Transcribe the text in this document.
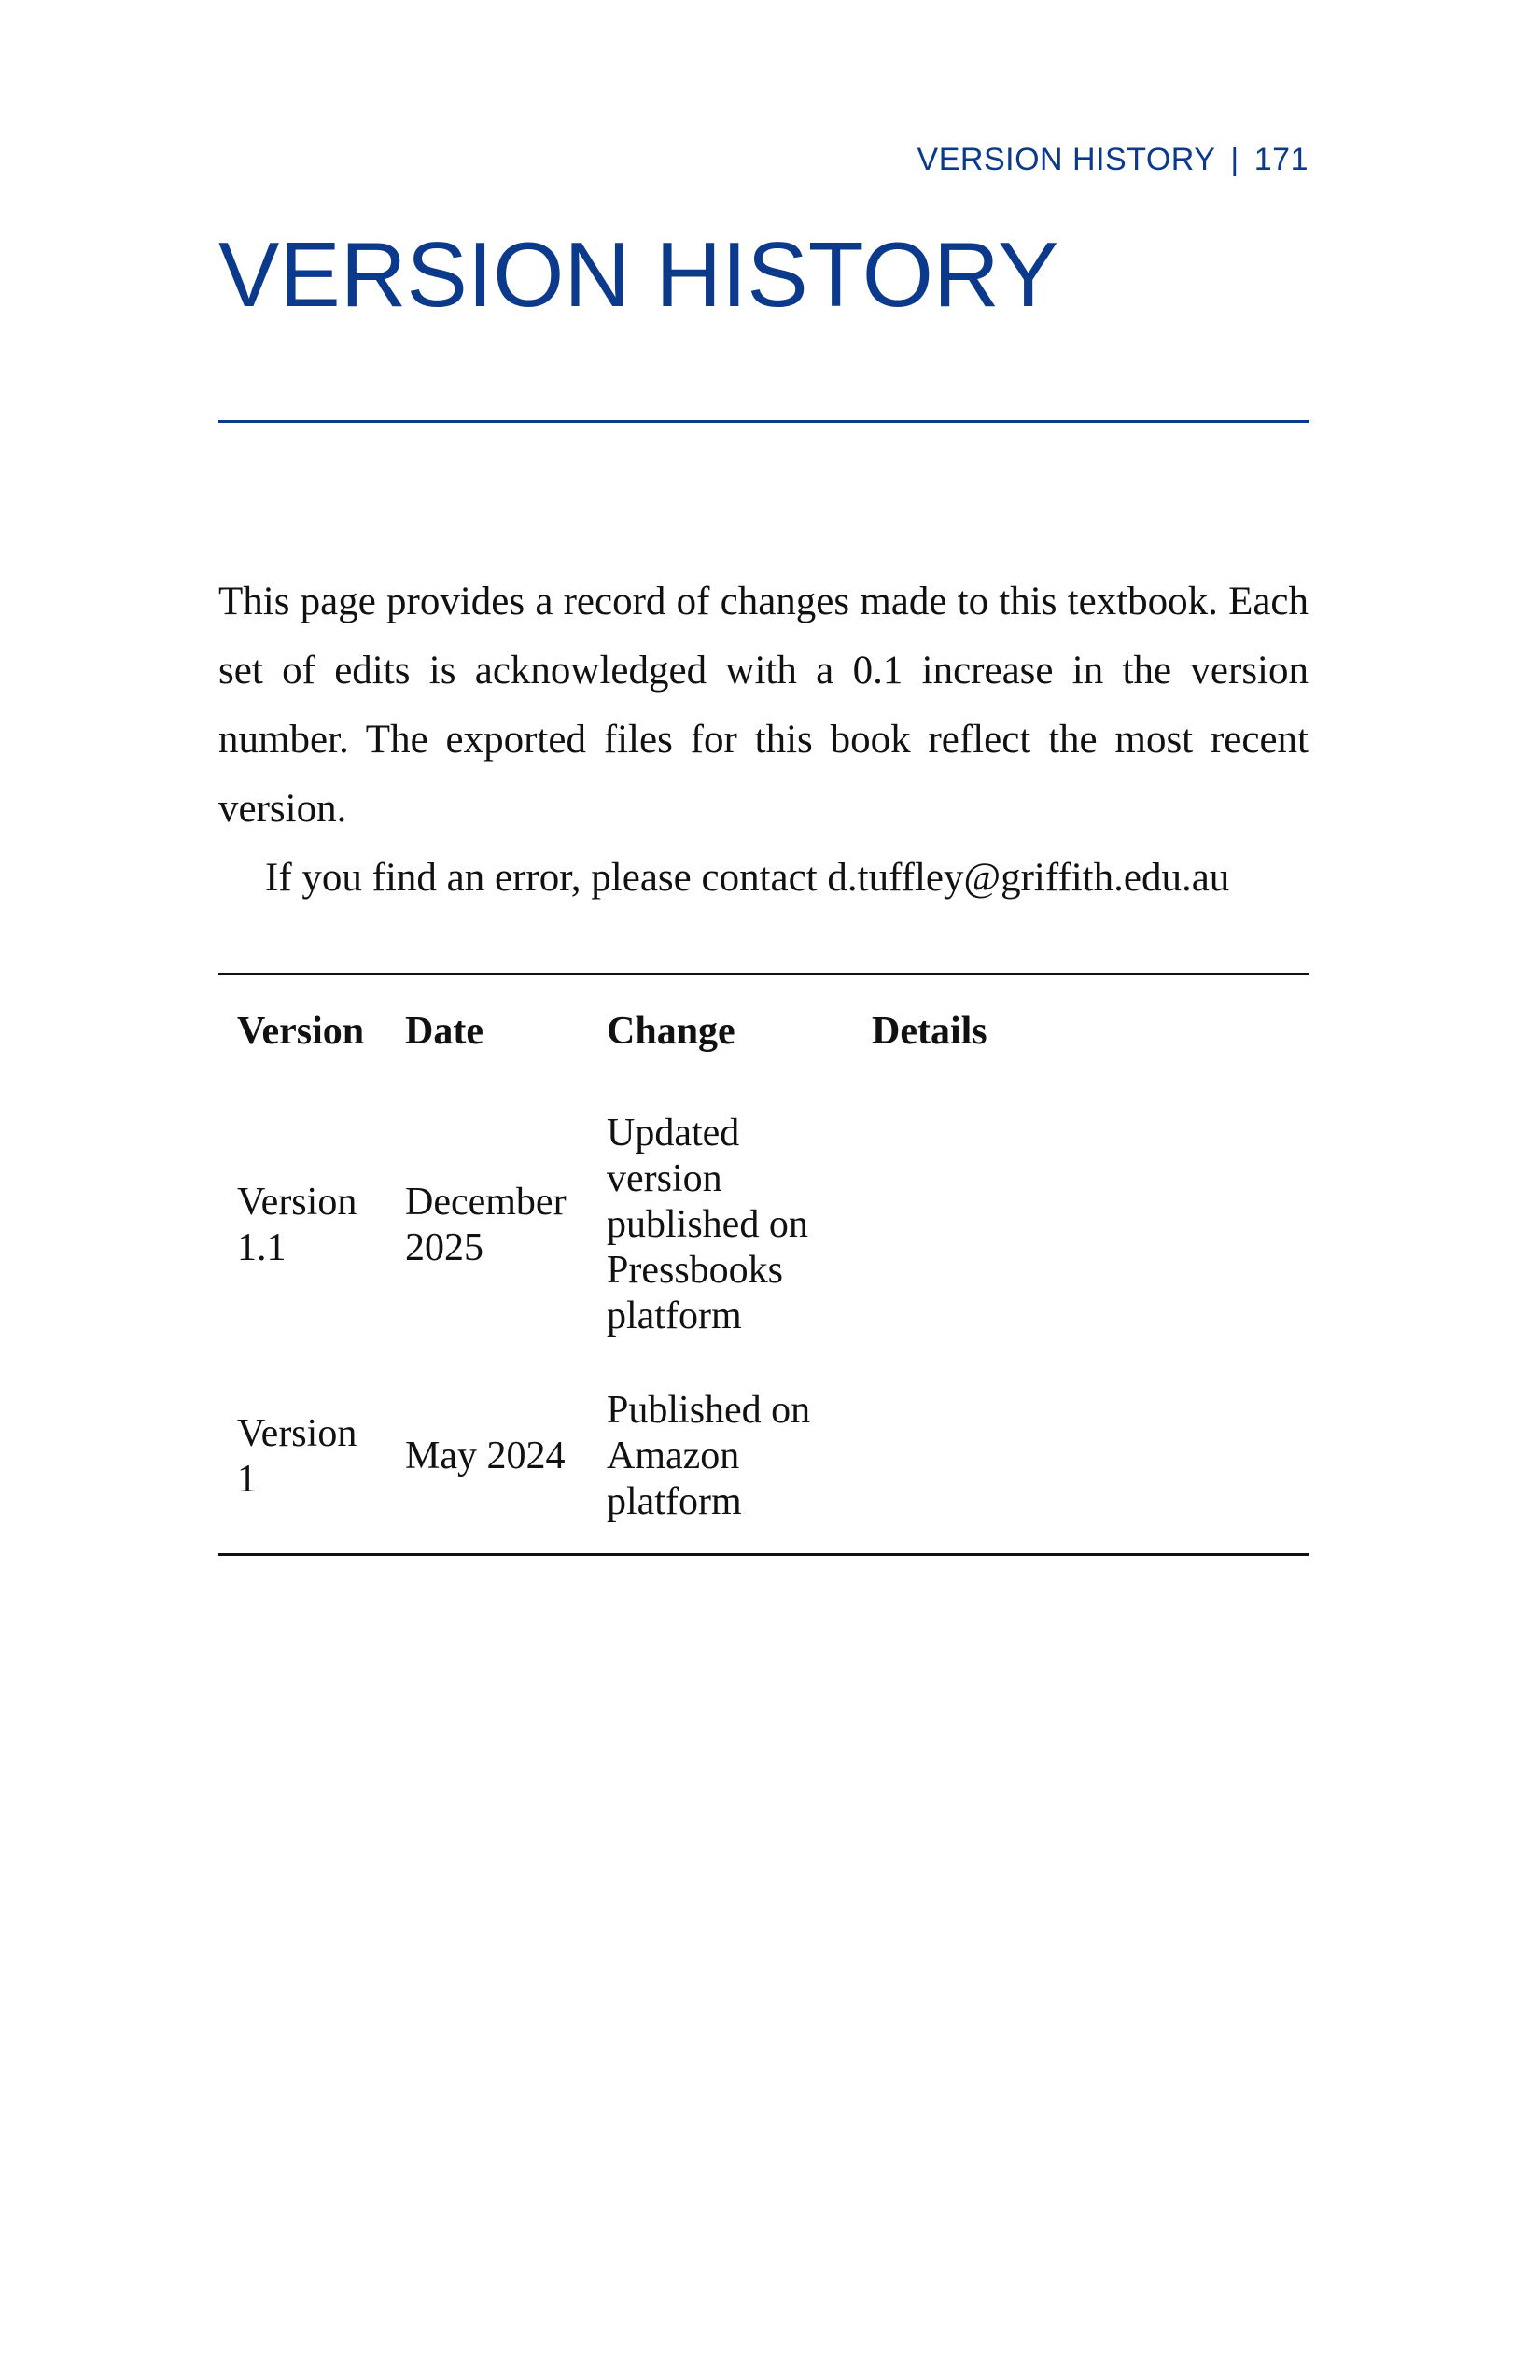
VERSION HISTORY | 171
VERSION HISTORY

This page provides a record of changes made to this textbook. Each set of edits is acknowledged with a 0.1 increase in the version number. The exported files for this book reflect the most recent version.

If you find an error, please contact d.tuffley@griffith.edu.au

Version	Date	Change	Details
Version 1.1	December 2025	Updated version published on Pressbooks platform	
Version 1	May 2024	Published on Amazon platform	
